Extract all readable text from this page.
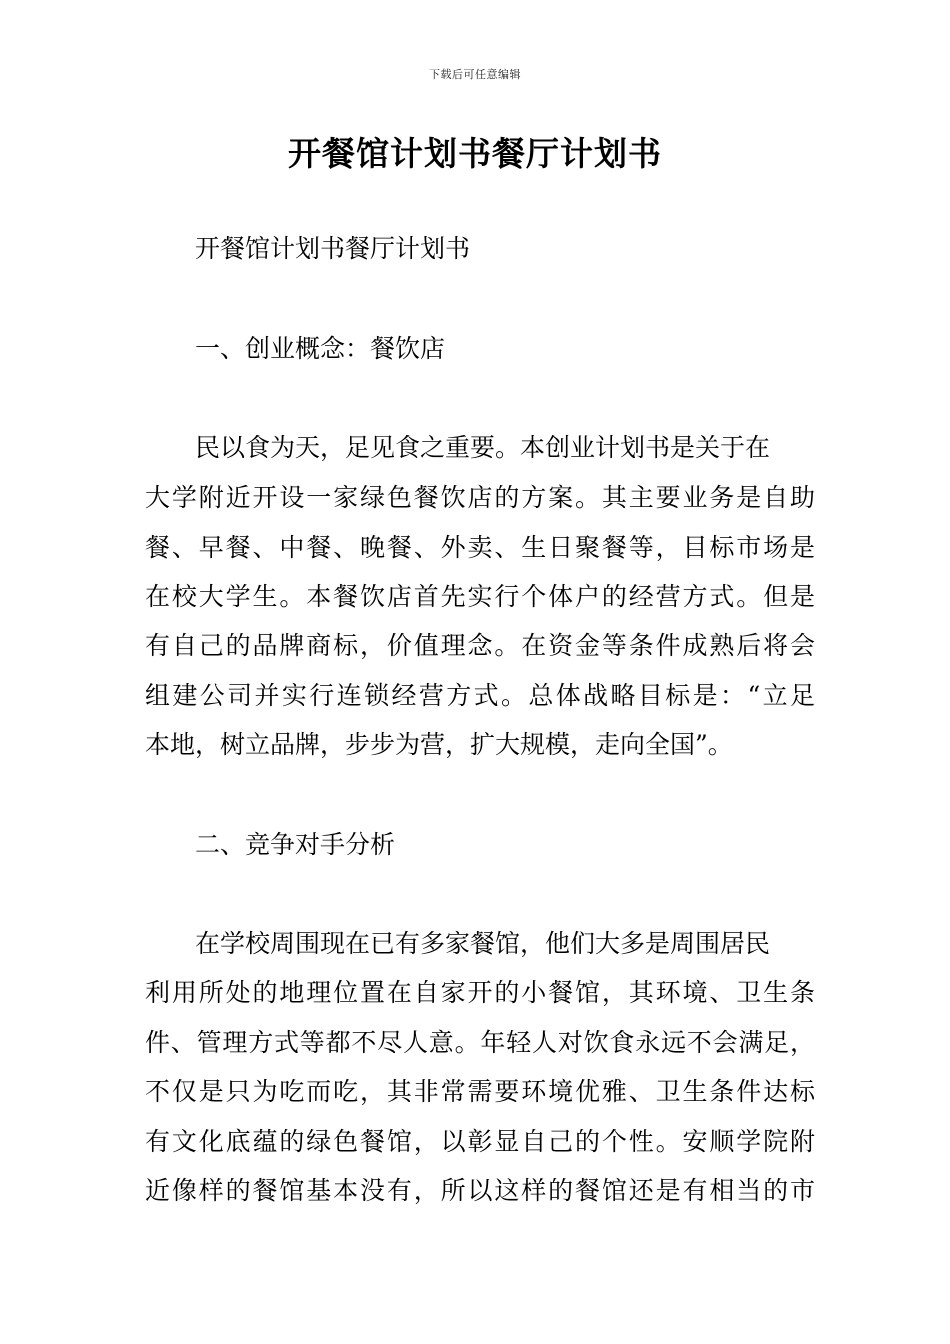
下载后可任意编辑
开餐馆计划书餐厅计划书
开餐馆计划书餐厅计划书
一、创业概念：餐饮店
民以食为天，足见食之重要。本创业计划书是关于在
大学附近开设一家绿色餐饮店的方案。其主要业务是自助
餐、早餐、中餐、晚餐、外卖、生日聚餐等，目标市场是
在校大学生。本餐饮店首先实行个体户的经营方式。但是
有自己的品牌商标，价值理念。在资金等条件成熟后将会
组建公司并实行连锁经营方式。总体战略目标是：“立足
本地，树立品牌，步步为营，扩大规模，走向全国”。
二、竞争对手分析
在学校周围现在已有多家餐馆，他们大多是周围居民
利用所处的地理位置在自家开的小餐馆，其环境、卫生条
件、管理方式等都不尽人意。年轻人对饮食永远不会满足，
不仅是只为吃而吃，其非常需要环境优雅、卫生条件达标
有文化底蕴的绿色餐馆，以彰显自己的个性。安顺学院附
近像样的餐馆基本没有，所以这样的餐馆还是有相当的市
